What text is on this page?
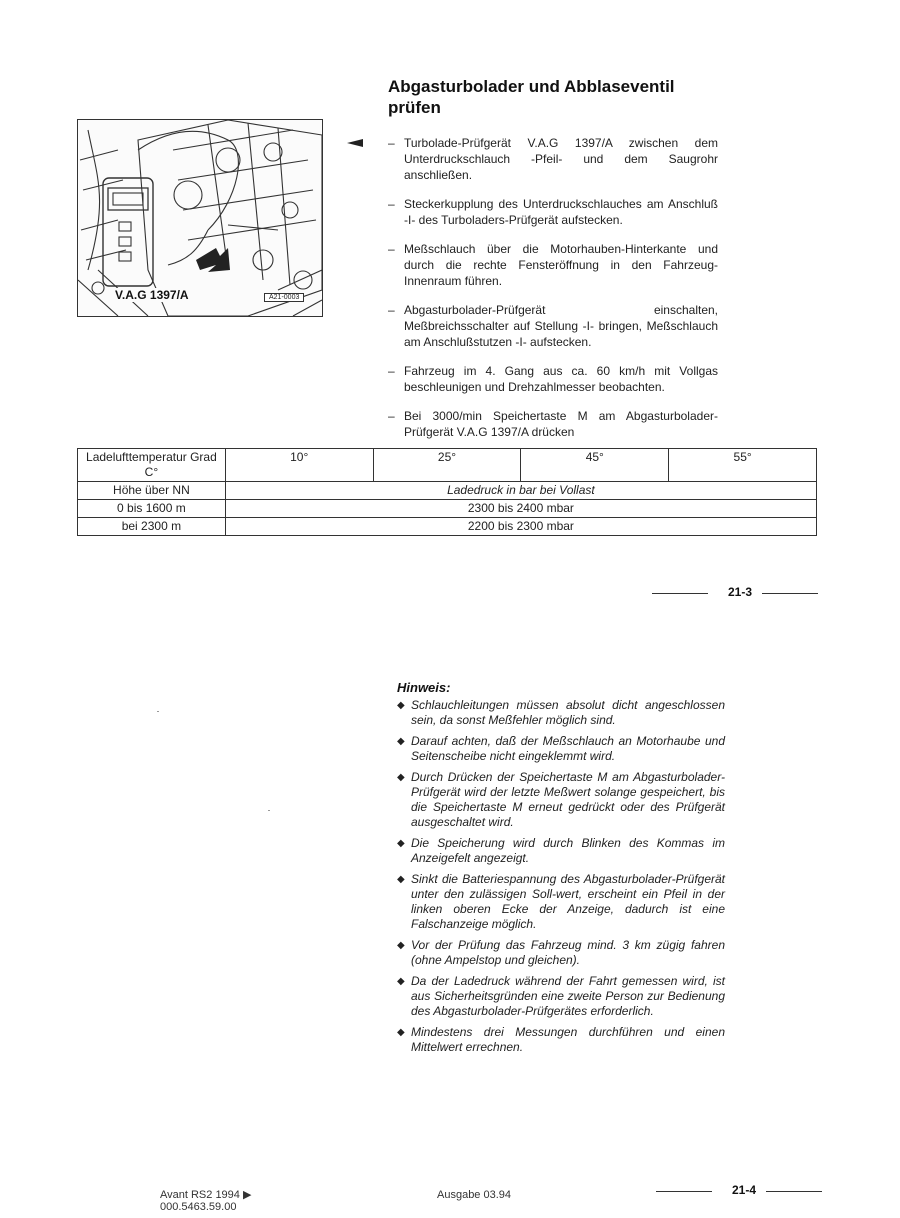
Abgasturbolader und Abblaseventil prüfen
V.A.G 1397/A	A21-0003
– Turbolade-Prüfgerät V.A.G 1397/A zwischen dem Unterdruckschlauch -Pfeil- und dem Saugrohr anschließen.
– Steckerkupplung des Unterdruckschlauches am Anschluß -I- des Turboladers-Prüfgerät aufstecken.
– Meßschlauch über die Motorhauben-Hinterkante und durch die rechte Fensteröffnung in den Fahrzeug-Innenraum führen.
– Abgasturbolader-Prüfgerät einschalten, Meßbreichsschalter auf Stellung -I- bringen, Meßschlauch am Anschlußstutzen -I- aufstecken.
– Fahrzeug im 4. Gang aus ca. 60 km/h mit Vollgas beschleunigen und Drehzahlmesser beobachten.
– Bei 3000/min Speichertaste M am Abgasturbolader-Prüfgerät V.A.G 1397/A drücken
Ladelufttemperatur Grad C°	10°	25°	45°	55°
Höhe über NN	Ladedruck in bar bei Vollast			
0 bis 1600 m	2300 bis 2400 mbar			
bei 2300 m	2200 bis 2300 mbar			
21-3
Hinweis:
◆ Schlauchleitungen müssen absolut dicht angeschlossen sein, da sonst Meßfehler möglich sind.
◆ Darauf achten, daß der Meßschlauch an Motorhaube und Seitenscheibe nicht eingeklemmt wird.
◆ Durch Drücken der Speichertaste M am Abgasturbolader-Prüfgerät wird der letzte Meßwert solange gespeichert, bis die Speichertaste M erneut gedrückt oder des Prüfgerät ausgeschaltet wird.
◆ Die Speicherung wird durch Blinken des Kommas im Anzeigefelt angezeigt.
◆ Sinkt die Batteriespannung des Abgasturbolader-Prüfgerät unter den zulässigen Soll-wert, erscheint ein Pfeil in der linken oberen Ecke der Anzeige, dadurch ist eine Falschanzeige möglich.
◆ Vor der Prüfung das Fahrzeug mind. 3 km zügig fahren (ohne Ampelstop und gleichen).
◆ Da der Ladedruck während der Fahrt gemessen wird, ist aus Sicherheitsgründen eine zweite Person zur Bedienung des Abgasturbolader-Prüfgerätes erforderlich.
◆ Mindestens drei Messungen durchführen und einen Mittelwert errechnen.
Avant RS2 1994 ▶
000.5463.59.00
Ausgabe 03.94	21-4
